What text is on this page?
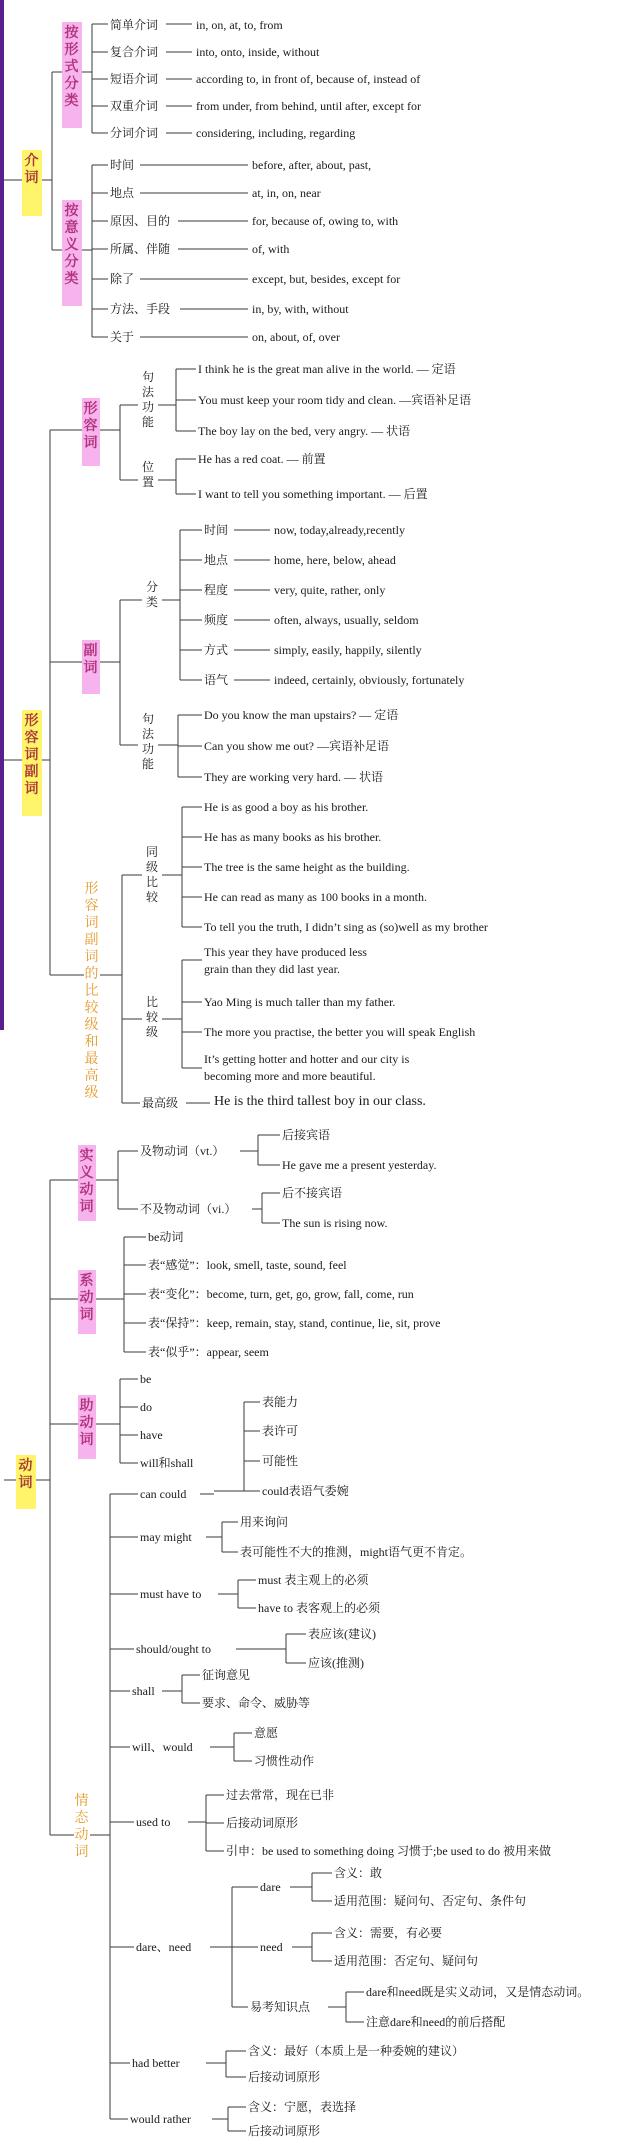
介词
按形式分类
简单介词	in, on, at, to, from
复合介词	into, onto, inside, without
短语介词	according to, in front of, because of, instead of
双重介词	from under, from behind, until after, except for
分词介词	considering, including, regarding
按意义分类
时间	before, after, about, past,
地点	at, in, on, near
原因、目的	for, because of, owing to, with
所属、伴随	of, with
除了	except, but, besides, except for
方法、手段	in, by, with, without
关于	on, about, of, over
形容词副词
形容词
句法功能
I think he is the great man alive in the world. — 定语
You must keep your room tidy and clean. —宾语补足语
The boy lay on the bed, very angry. — 状语
位置
He has a red coat. — 前置
I want to tell you something important. — 后置
副词
分类
时间	now, today,already,recently
地点	home, here, below, ahead
程度	very, quite, rather, only
频度	often, always, usually, seldom
方式	simply, easily, happily, silently
语气	indeed, certainly, obviously, fortunately
句法功能
Do you know the man upstairs? — 定语
Can you show me out? —宾语补足语
They are working very hard. — 状语
形容词副词的比较级和最高级
同级比较
He is as good a boy as his brother.
He has as many books as his brother.
The tree is the same height as the building.
He can read as many as 100 books in a month.
To tell you the truth, I didn’t sing as (so)well as my brother
比较级
This year they have produced less
grain than they did last year.
Yao Ming is much taller than my father.
The more you practise, the better you will speak English
It’s getting hotter and hotter and our city is
becoming more and more beautiful.
最高级	He is the third tallest boy in our class.
动词
实义动词
及物动词（vt.）
后接宾语
He gave me a present yesterday.
不及物动词（vi.）
后不接宾语
The sun is rising now.
系动词
be动词
表“感觉”：look, smell, taste, sound, feel
表“变化”：become, turn, get, go, grow, fall, come, run
表“保持”：keep, remain, stay, stand, continue, lie, sit, prove
表“似乎”：appear, seem
助动词
be
do
have
will和shall
表能力
表许可
可能性
can could	could表语气委婉
may might
用来询问
表可能性不大的推测，might语气更不肯定。
must have to
must 表主观上的必须
have to 表客观上的必须
should/ought to
表应该(建议)
应该(推测)
shall
征询意见
要求、命令、威胁等
will、would
意愿
习惯性动作
情态动词
used to
过去常常，现在已非
后接动词原形
引申：be used to something doing 习惯于;be used to do 被用来做
dare
含义：敢
适用范围：疑问句、否定句、条件句
dare、need	need
含义：需要，有必要
适用范围：否定句、疑问句
易考知识点
dare和need既是实义动词，又是情态动词。
注意dare和need的前后搭配
had better
含义：最好（本质上是一种委婉的建议）
后接动词原形
would rather
含义：宁愿，表选择
后接动词原形
